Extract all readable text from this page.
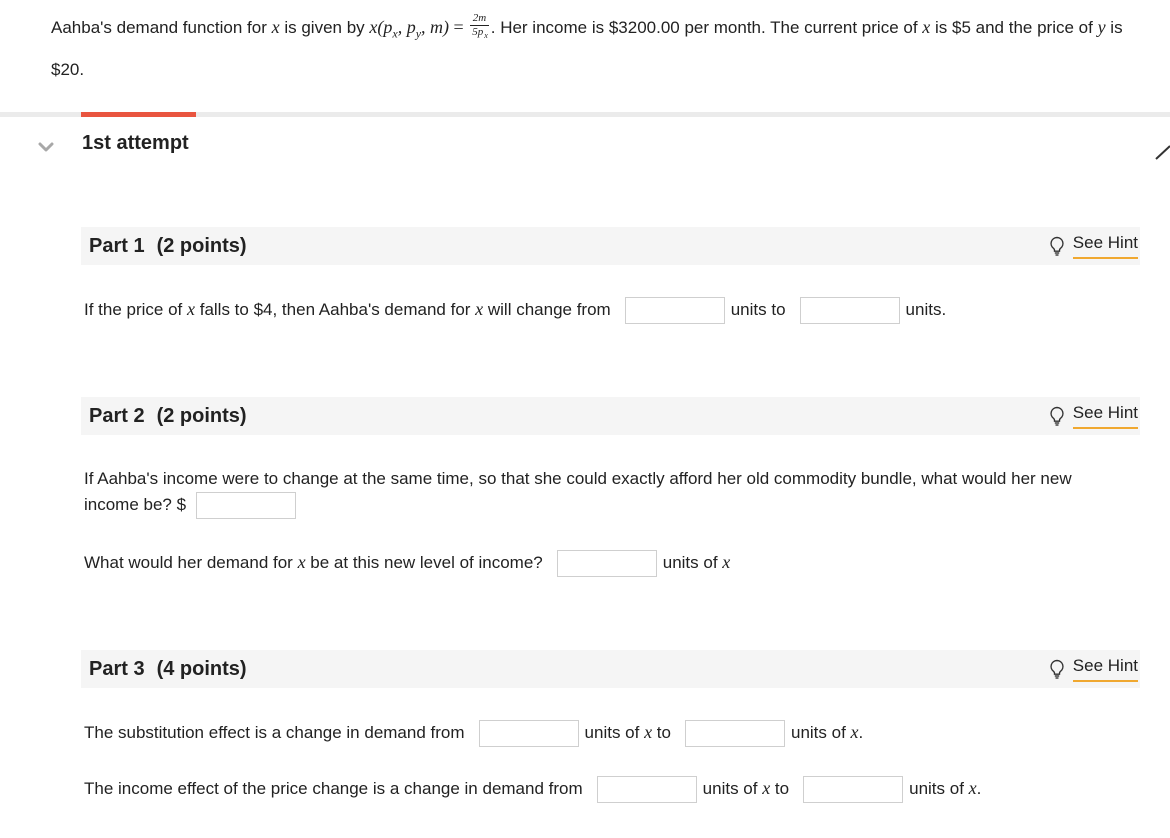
Aahba's demand function for x is given by $x(p_x$, $p_y$, $m) = \frac{2m}{5p_x}$ . Her income is $3200.00 per month. The current price of x is $5 and the price of y is
$20.
1st attempt
Part 1 (2 points)	See Hint
If the price of x falls to $4, then Aahba's demand for x will change from	units to	units.
Part 2 (2 points)	See Hint
If Aahba's income were to change at the same time, so that she could exactly afford her old commodity bundle, what would her new
income be? $
What would her demand for x be at this new level of income?	units of x
Part 3 (4 points)	See Hint
The substitution effect is a change in demand from	units of x to	units of x.
The income effect of the price change is a change in demand from	units of x to	units of x.
